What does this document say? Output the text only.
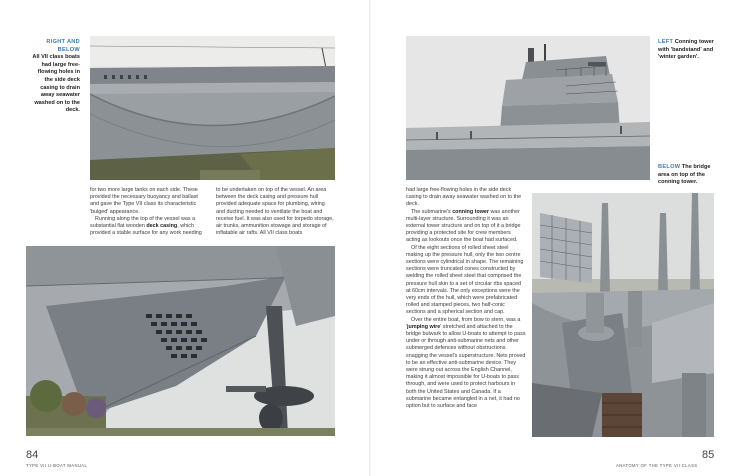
RIGHT AND BELOW
All VII class boats had large free-flowing holes in the side deck casing to drain away seawater washed on to the deck.

for two more large tanks on each side. These provided the necessary buoyancy and ballast and gave the Type VII class its characteristic 'bulged' appearance.

Running along the top of the vessel was a substantial flat wooden deck casing, which provided a stable surface for any work needing

to be undertaken on top of the vessel. An area between the deck casing and pressure hull provided adequate space for plumbing, wiring and ducting needed to ventilate the boat and receive fuel. It was also used for torpedo storage, air trunks, ammunition stowage and storage of inflatable air rafts. All VII class boats

84
TYPE VII U-BOAT MANUAL
LEFT Conning tower with 'bandstand' and 'winter garden'.
BELOW The bridge area on top of the conning tower.

had large free-flowing holes in the side deck casing to drain away seawater washed on to the deck.

The submarine's conning tower was another multi-layer structure. Surrounding it was an external tower structure and on top of it a bridge providing a protected site for crew members acting as lookouts once the boat had surfaced.

Of the eight sections of rolled sheet steel making up the pressure hull, only the two centre sections were cylindrical in shape. The remaining sections were truncated cones constructed by welding the rolled sheet steel that comprised the pressure hull skin to a set of circular ribs spaced at 60cm intervals. The only exceptions were the very ends of the hull, which were prefabricated rolled and stamped pieces, two half-conic sections and a spherical section and cap.

Over the entire boat, from bow to stern, was a 'jumping wire' stretched and attached to the bridge bulwark to allow U-boats to attempt to pass under or through anti-submarine nets and other submerged defences without obstructions snagging the vessel's superstructure. Nets proved to be an effective anti-submarine device. They were strung out across the English Channel, making it almost impossible for U-boats to pass through, and were used to protect harbours in both the United States and Canada. If a submarine became entangled in a net, it had no option but to surface and face

85
ANATOMY OF THE TYPE VII CLASS
